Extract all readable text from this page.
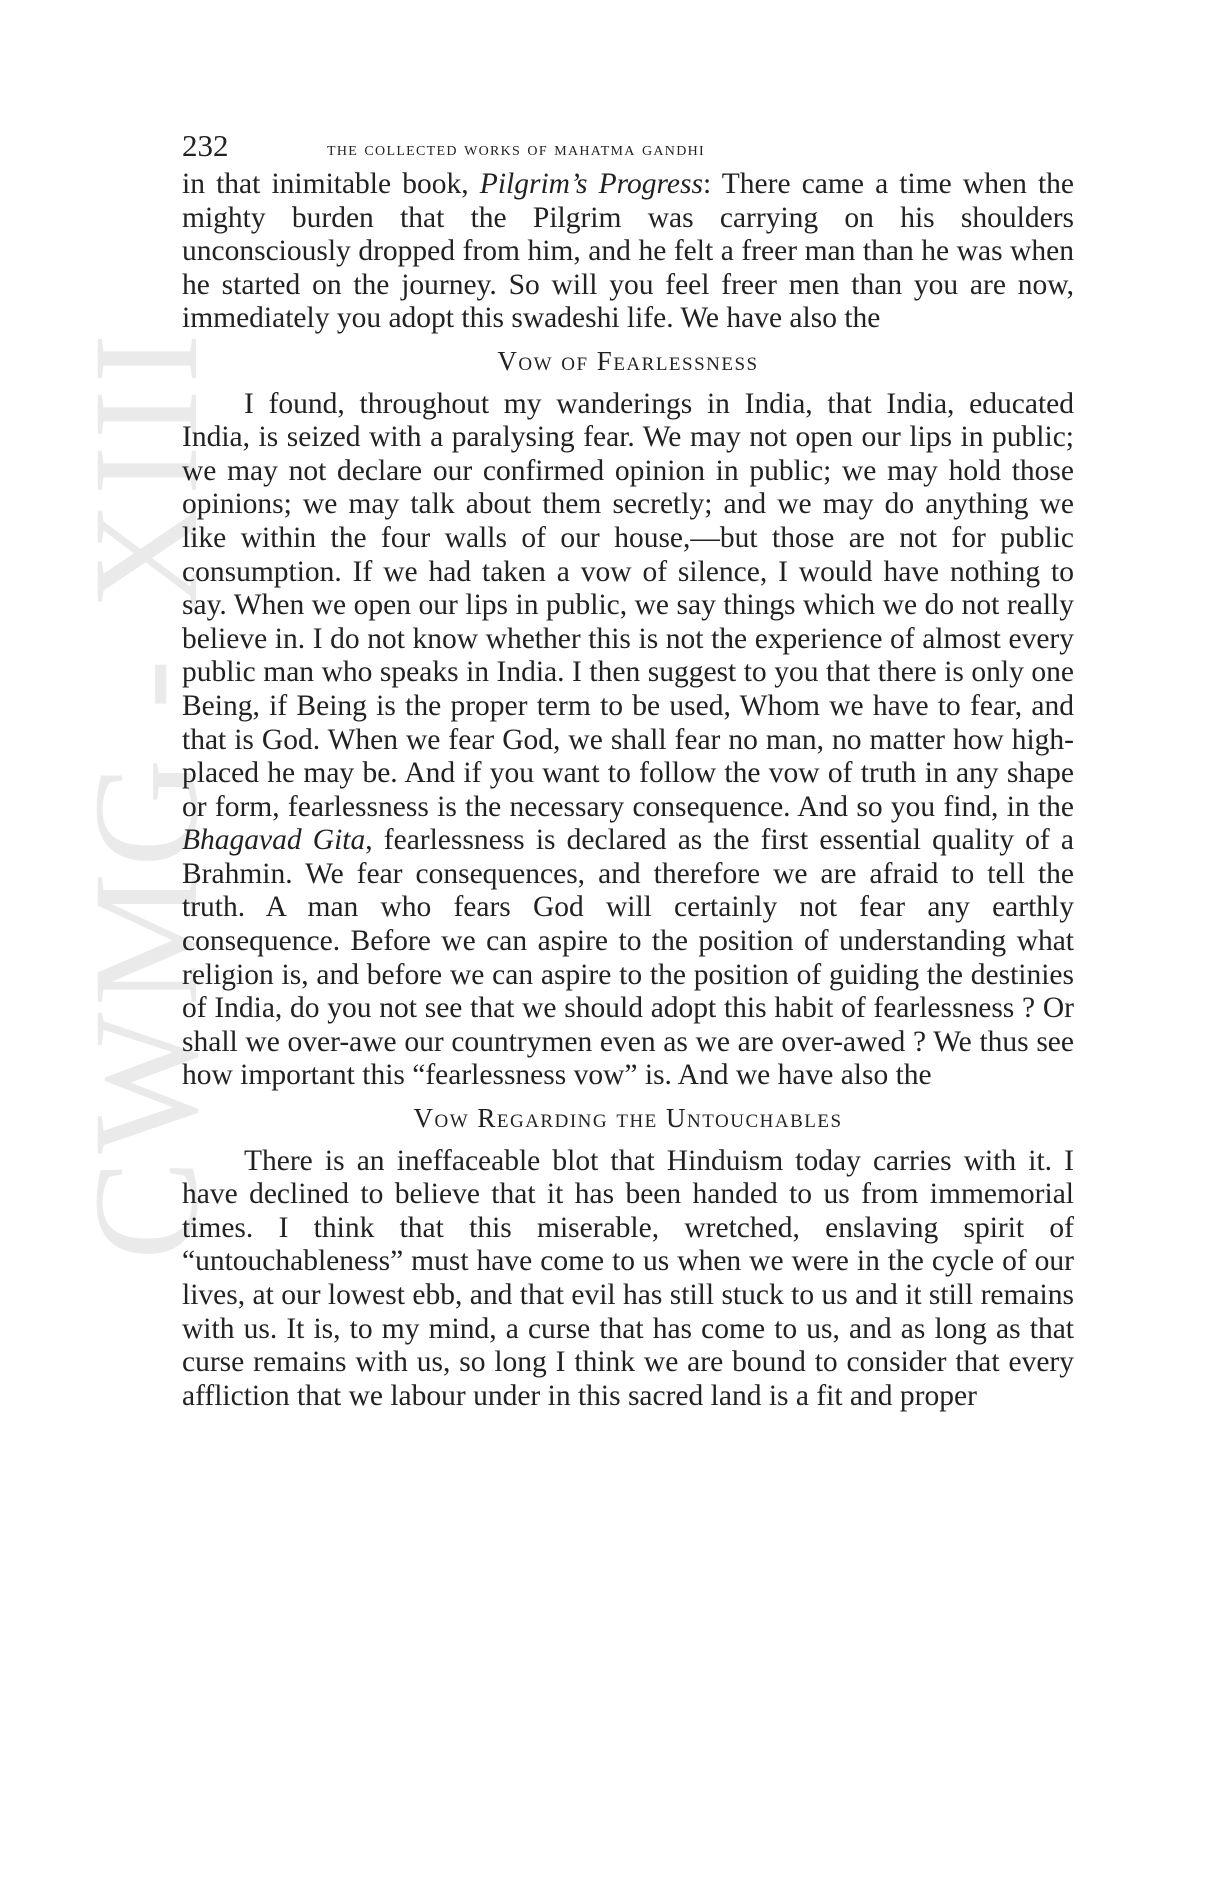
CWMG - XIII
232	the collected works of mahatma gandhi

in that inimitable book, Pilgrim’s Progress: There came a time when the mighty burden that the Pilgrim was carrying on his shoulders unconsciously dropped from him, and he felt a freer man than he was when he started on the journey. So will you feel freer men than you are now, immediately you adopt this swadeshi life. We have also the

Vow of Fearlessness

I found, throughout my wanderings in India, that India, educated India, is seized with a paralysing fear. We may not open our lips in public; we may not declare our confirmed opinion in public; we may hold those opinions; we may talk about them secretly; and we may do anything we like within the four walls of our house,—but those are not for public consumption. If we had taken a vow of silence, I would have nothing to say. When we open our lips in public, we say things which we do not really believe in. I do not know whether this is not the experience of almost every public man who speaks in India. I then suggest to you that there is only one Being, if Being is the proper term to be used, Whom we have to fear, and that is God. When we fear God, we shall fear no man, no matter how high-placed he may be. And if you want to follow the vow of truth in any shape or form, fearlessness is the necessary consequence. And so you find, in the Bhagavad Gita, fearlessness is declared as the first essential quality of a Brahmin. We fear consequences, and therefore we are afraid to tell the truth. A man who fears God will certainly not fear any earthly consequence. Before we can aspire to the position of understanding what religion is, and before we can aspire to the position of guiding the destinies of India, do you not see that we should adopt this habit of fearlessness ? Or shall we over-awe our countrymen even as we are over-awed ? We thus see how important this “fearlessness vow” is. And we have also the

Vow Regarding the Untouchables

There is an ineffaceable blot that Hinduism today carries with it. I have declined to believe that it has been handed to us from immemorial times. I think that this miserable, wretched, enslaving spirit of “untouchableness” must have come to us when we were in the cycle of our lives, at our lowest ebb, and that evil has still stuck to us and it still remains with us. It is, to my mind, a curse that has come to us, and as long as that curse remains with us, so long I think we are bound to consider that every affliction that we labour under in this sacred land is a fit and proper
